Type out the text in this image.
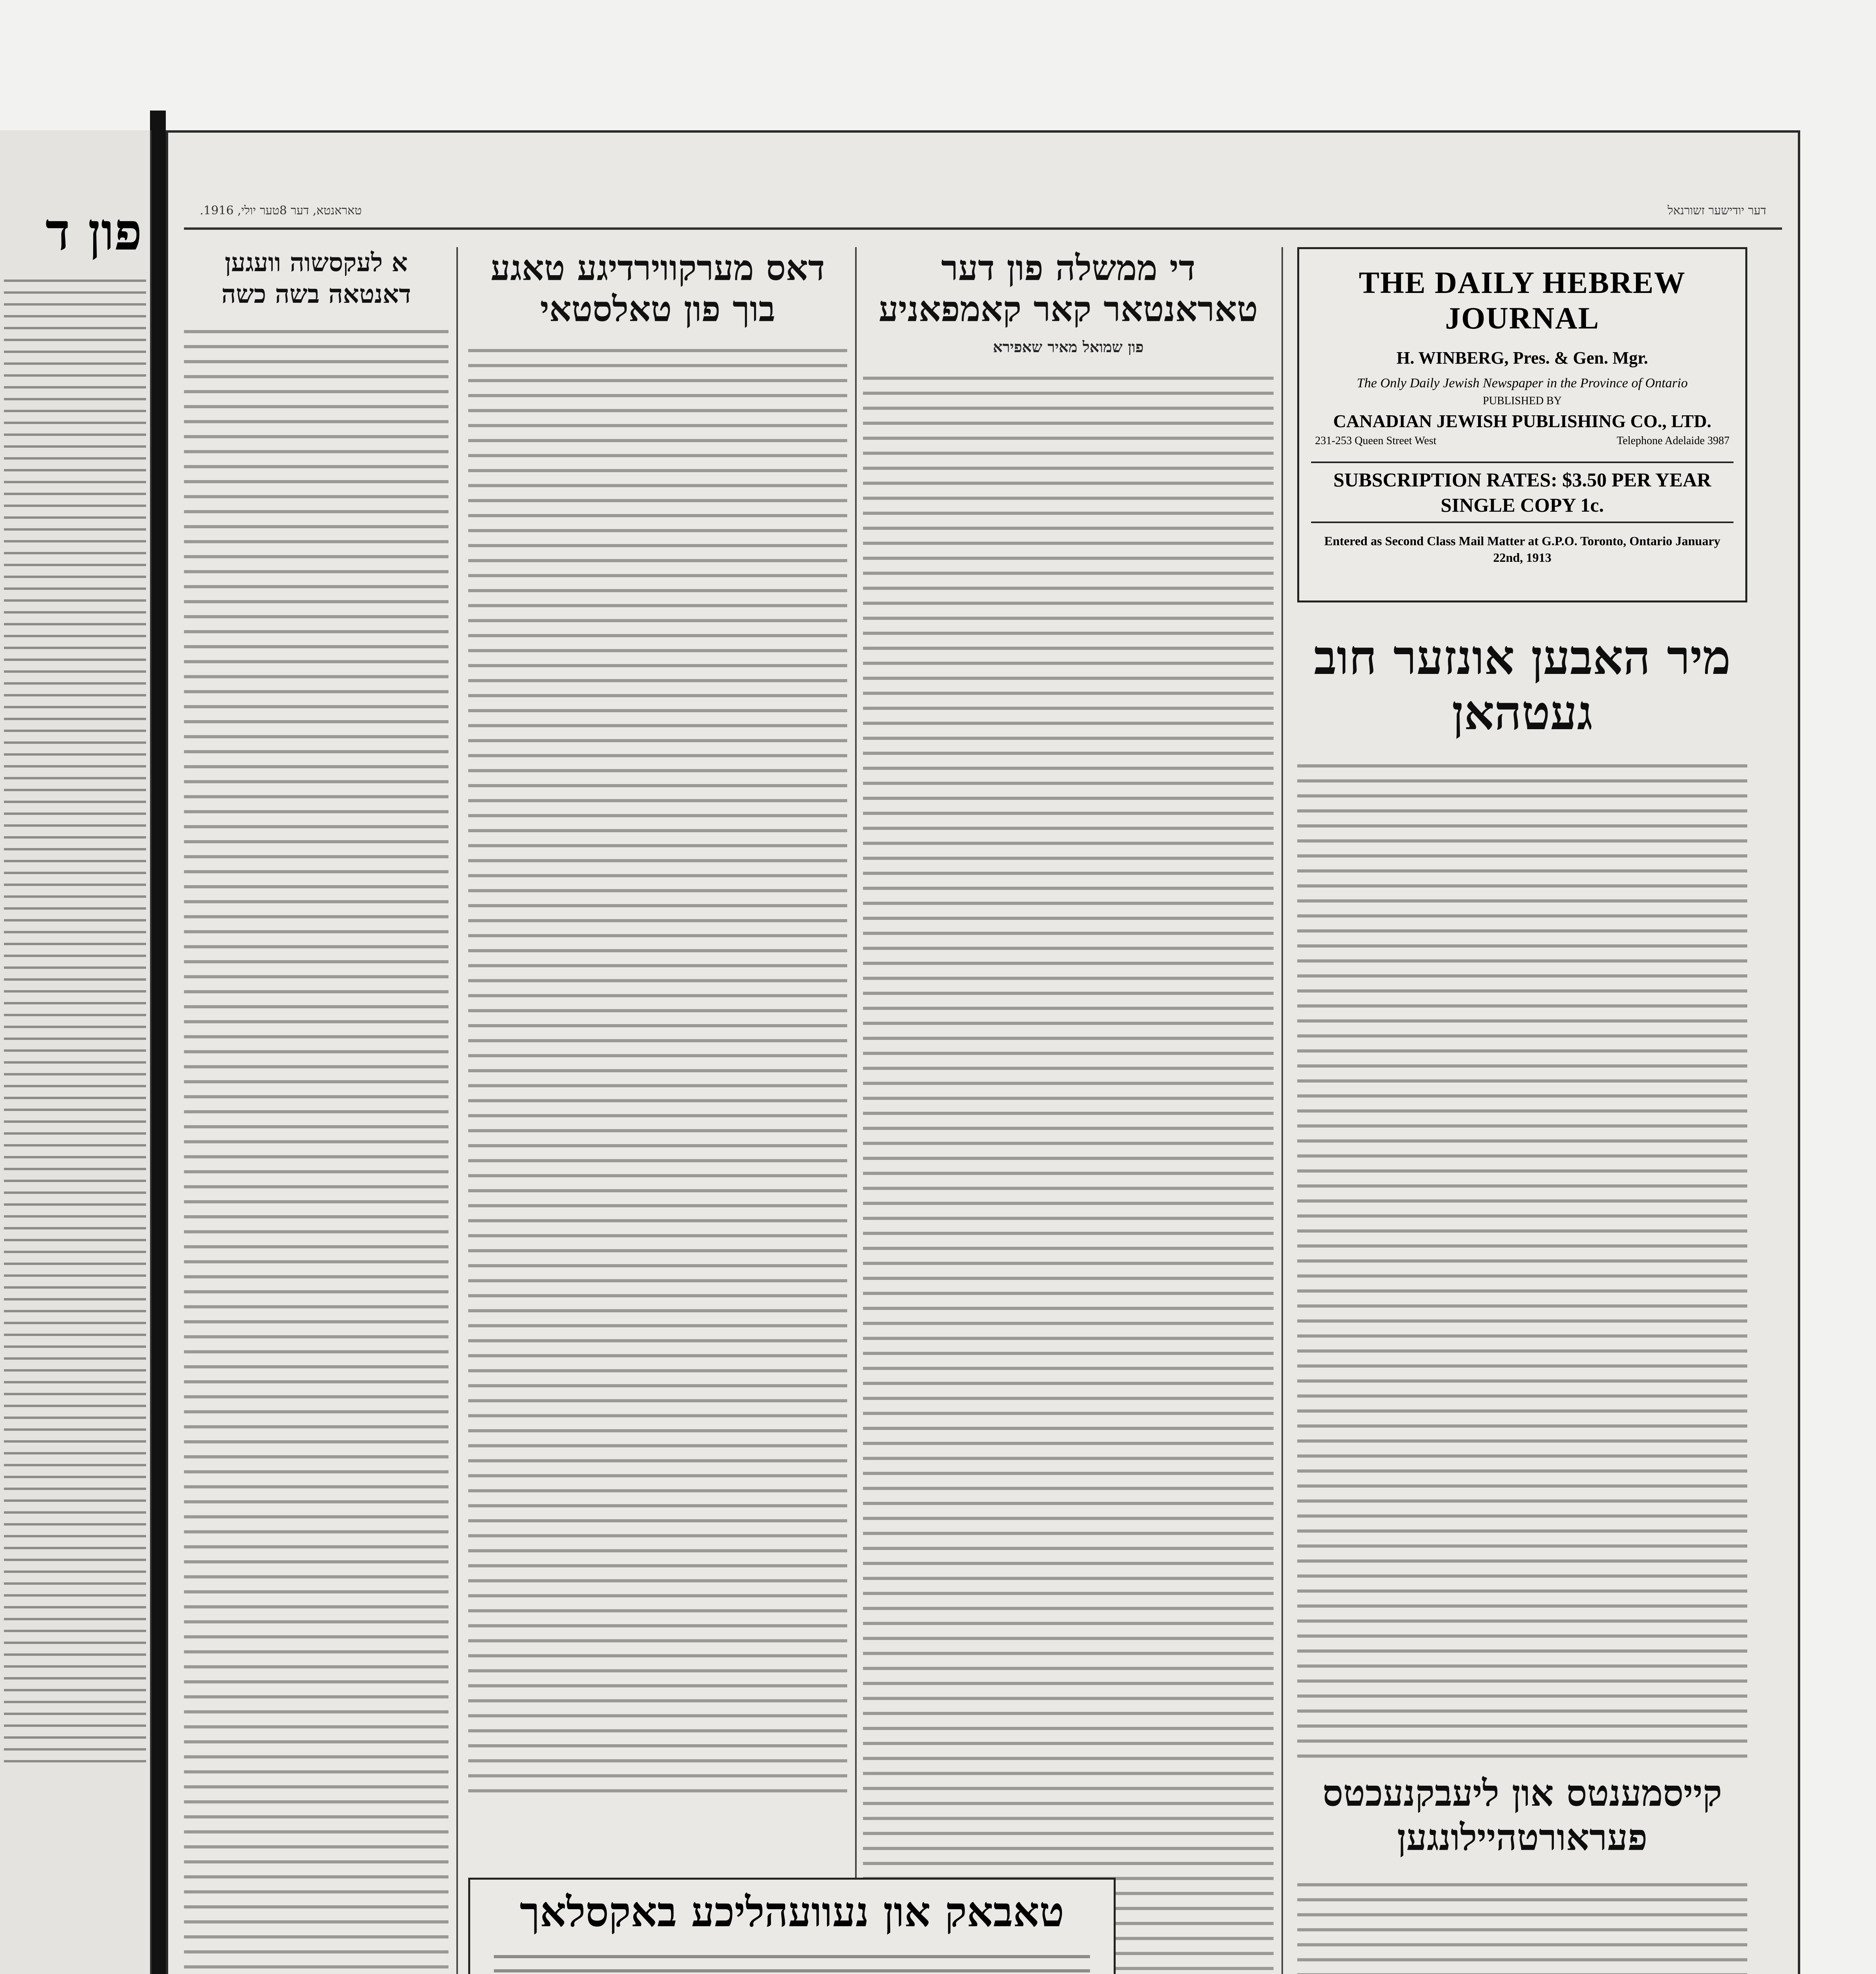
פון ד	טאראנטא, דער 8טער יולי, 1916.	דער יודישער זשורנאל
THE DAILY HEBREW JOURNAL
H. WINBERG, Pres. & Gen. Mgr.
The Only Daily Jewish Newspaper in the Province of Ontario
PUBLISHED BY
CANADIAN JEWISH PUBLISHING CO., LTD.
231-253 Queen Street West	Telephone Adelaide 3987
SUBSCRIPTION RATES: $3.50 PER YEAR
SINGLE COPY 1c.
Entered as Second Class Mail Matter at G.P.O. Toronto, Ontario January 22nd, 1913
מיר האבען אונזער חוב געטהאן
קייסמענטס און ליעבקנעכטס פעראורטהיילונגען
די ממשלה פון דער טאראנטאר קאר קאמפאניע
פון שמואל מאיר שאפירא
דאס מערקווירדיגע טאגע בוך פון טאלסטאי
א לעקסשוה וועגען דאנטאה בשה כשה
טאבאק און נעוועהליכע באקסלאך
